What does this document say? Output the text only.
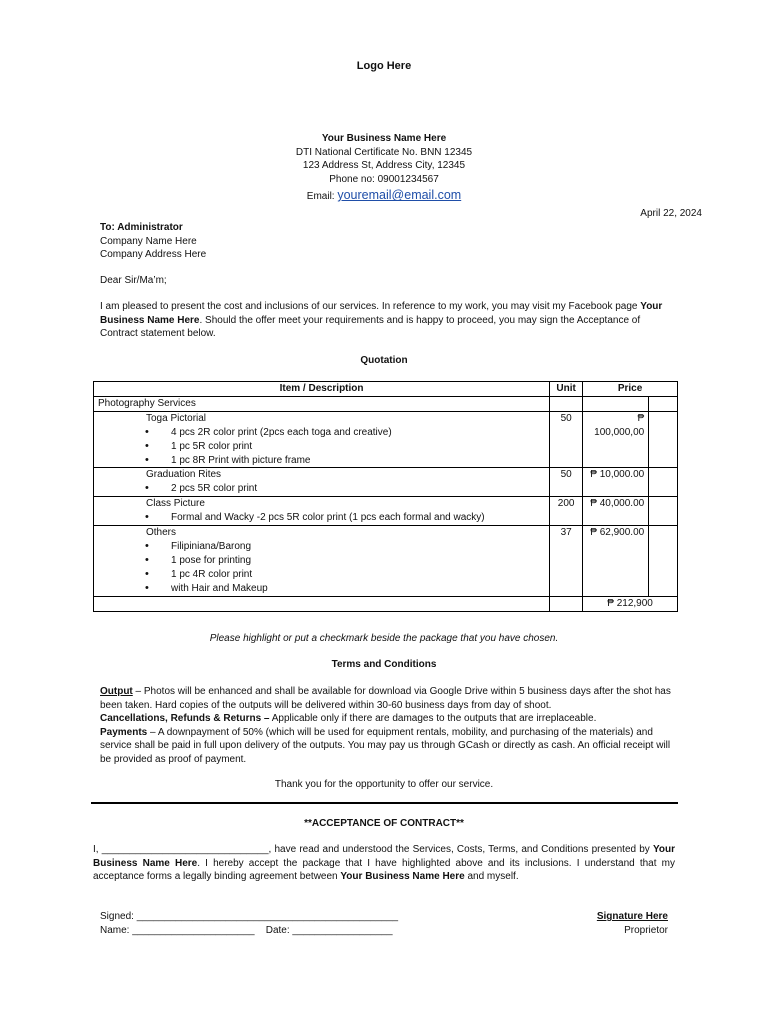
Logo Here
Your Business Name Here
DTI National Certificate No. BNN 12345
123 Address St, Address City, 12345
Phone no: 09001234567
Email: youremail@email.com
April 22, 2024
To: Administrator
Company Name Here
Company Address Here
Dear Sir/Ma’m;
I am pleased to present the cost and inclusions of our services. In reference to my work, you may visit my Facebook page Your Business Name Here. Should the offer meet your requirements and is happy to proceed, you may sign the Acceptance of Contract statement below.
Quotation
Item / Description	Unit	Price	
Photography Services			

Toga Pictorial
• 4 pcs 2R color print (2pcs each toga and creative)
• 1 pc 5R color print
• 1 pc 8R Print with picture frame	50	₱ 100,000,00	

Graduation Rites
• 2 pcs 5R color print	50	₱ 10,000.00	

Class Picture
• Formal and Wacky -2 pcs 5R color print (1 pcs each formal and wacky)	200	₱ 40,000.00	

Others
• Filipiniana/Barong
• 1 pose for printing
• 1 pc 4R color print
• with Hair and Makeup	37	₱ 62,900.00	
		₱ 212,900	
Please highlight or put a checkmark beside the package that you have chosen.
Terms and Conditions
Output – Photos will be enhanced and shall be available for download via Google Drive within 5 business days after the shot has been taken. Hard copies of the outputs will be delivered within 30-60 business days from day of shoot.
Cancellations, Refunds & Returns – Applicable only if there are damages to the outputs that are irreplaceable.
Payments – A downpayment of 50% (which will be used for equipment rentals, mobility, and purchasing of the materials) and service shall be paid in full upon delivery of the outputs. You may pay us through GCash or directly as cash. An official receipt will be provided as proof of payment.
Thank you for the opportunity to offer our service.
**ACCEPTANCE OF CONTRACT**
I, ______________________________, have read and understood the Services, Costs, Terms, and Conditions presented by Your Business Name Here. I hereby accept the package that I have highlighted above and its inclusions. I understand that my acceptance forms a legally binding agreement between Your Business Name Here and myself.
Signed: _______________________________________________
Name: ______________________ Date: __________________
Signature Here
Proprietor
